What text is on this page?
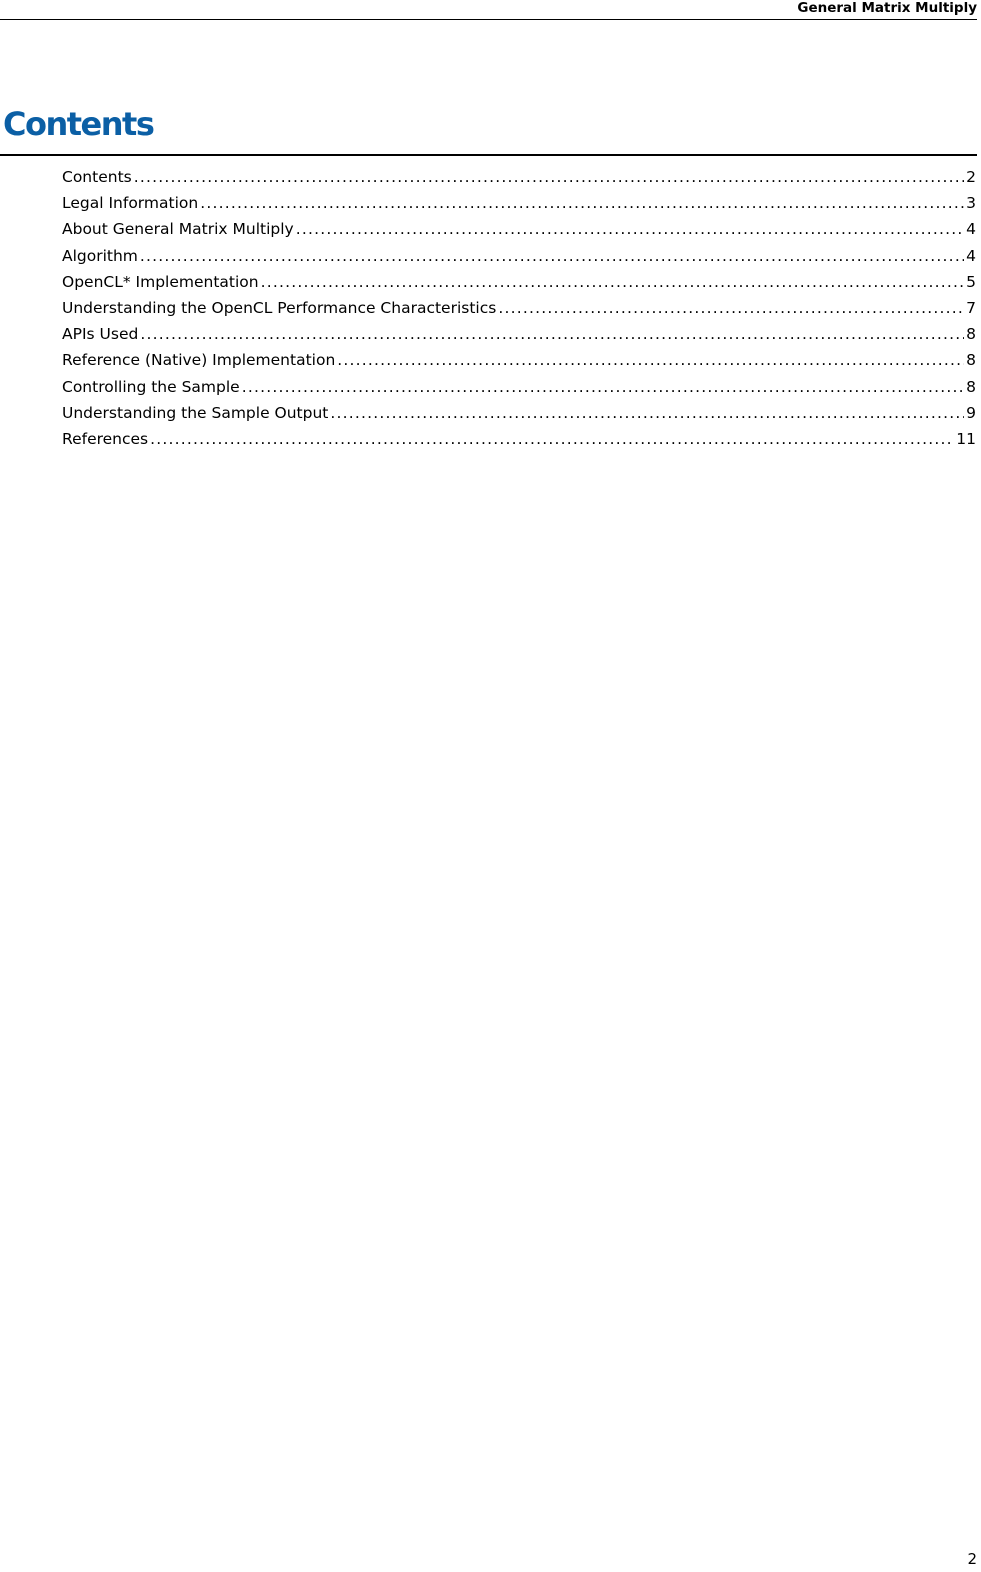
General Matrix Multiply
Contents
Contents .....	2
Legal Information .....	3
About General Matrix Multiply .....	4
Algorithm .....	4
OpenCL* Implementation .....	5
Understanding the OpenCL Performance Characteristics .....	7
APIs Used .....	8
Reference (Native) Implementation .....	8
Controlling the Sample .....	8
Understanding the Sample Output .....	9
References .....	11
2
